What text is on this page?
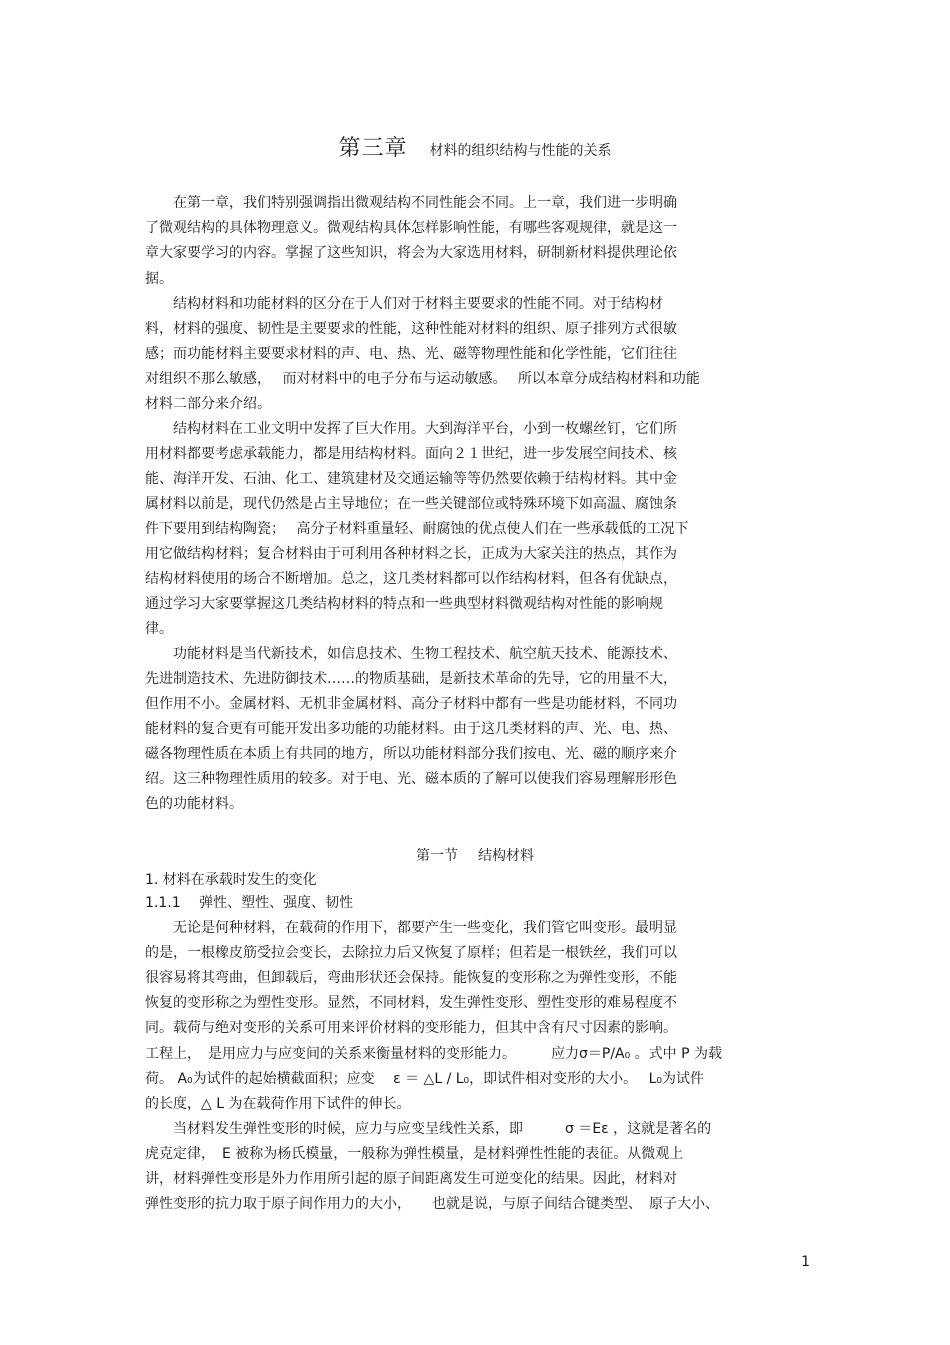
第三章 材料的组织结构与性能的关系
　　在第一章，我们特别强调指出微观结构不同性能会不同。上一章，我们进一步明确
了微观结构的具体物理意义。微观结构具体怎样影响性能，有哪些客观规律，就是这一
章大家要学习的内容。掌握了这些知识，将会为大家选用材料，研制新材料提供理论依
据。
　　结构材料和功能材料的区分在于人们对于材料主要要求的性能不同。对于结构材
料，材料的强度、韧性是主要要求的性能，这种性能对材料的组织、原子排列方式很敏
感；而功能材料主要要求材料的声、电、热、光、磁等物理性能和化学性能，它们往往
对组织不那么敏感，　 而对材料中的电子分布与运动敏感。　 所以本章分成结构材料和功能
材料二部分来介绍。
　　结构材料在工业文明中发挥了巨大作用。大到海洋平台，小到一枚螺丝钉，它们所
用材料都要考虑承载能力，都是用结构材料。面向２１世纪，进一步发展空间技术、核
能、海洋开发、石油、化工、建筑建材及交通运输等等仍然要依赖于结构材料。其中金
属材料以前是，现代仍然是占主导地位；在一些关键部位或特殊环境下如高温、腐蚀条
件下要用到结构陶瓷；　 高分子材料重量轻、耐腐蚀的优点使人们在一些承载低的工况下
用它做结构材料；复合材料由于可利用各种材料之长，正成为大家关注的热点，其作为
结构材料使用的场合不断增加。总之，这几类材料都可以作结构材料，但各有优缺点，
通过学习大家要掌握这几类结构材料的特点和一些典型材料微观结构对性能的影响规
律。
　　功能材料是当代新技术，如信息技术、生物工程技术、航空航天技术、能源技术、
先进制造技术、先进防御技术……的物质基础，是新技术革命的先导，它的用量不大，
但作用不小。金属材料、无机非金属材料、高分子材料中都有一些是功能材料，不同功
能材料的复合更有可能开发出多功能的功能材料。由于这几类材料的声、光、电、热、
磁各物理性质在本质上有共同的地方，所以功能材料部分我们按电、光、磁的顺序来介
绍。这三种物理性质用的较多。对于电、光、磁本质的了解可以使我们容易理解形形色
色的功能材料。
第一节 结构材料
1. 材料在承载时发生的变化
1.1.1　 弹性、塑性、强度、韧性
　　无论是何种材料，在载荷的作用下，都要产生一些变化，我们管它叫变形。最明显
的是，一根橡皮筋受拉会变长，去除拉力后又恢复了原样；但若是一根铁丝，我们可以
很容易将其弯曲，但卸载后，弯曲形状还会保持。能恢复的变形称之为弹性变形，不能
恢复的变形称之为塑性变形。显然，不同材料，发生弹性变形、塑性变形的难易程度不
同。载荷与绝对变形的关系可用来评价材料的变形能力，但其中含有尺寸因素的影响。
工程上，　是用应力与应变间的关系来衡量材料的变形能力。　　　应力σ＝P/A₀ 。式中 P 为载
荷。 A₀为试件的起始横截面积；应变　 ε ＝ △L / L₀，即试件相对变形的大小。　 L₀为试件
的长度，△ L 为在载荷作用下试件的伸长。
　　当材料发生弹性变形的时候，应力与应变呈线性关系，即　　　σ ＝Eε ，这就是著名的
虎克定律，　E 被称为杨氏模量，一般称为弹性模量，是材料弹性性能的表征。从微观上
讲，材料弹性变形是外力作用所引起的原子间距离发生可逆变化的结果。因此，材料对
弹性变形的抗力取于原子间作用力的大小，　　也就是说，与原子间结合键类型、　原子大小、
1
